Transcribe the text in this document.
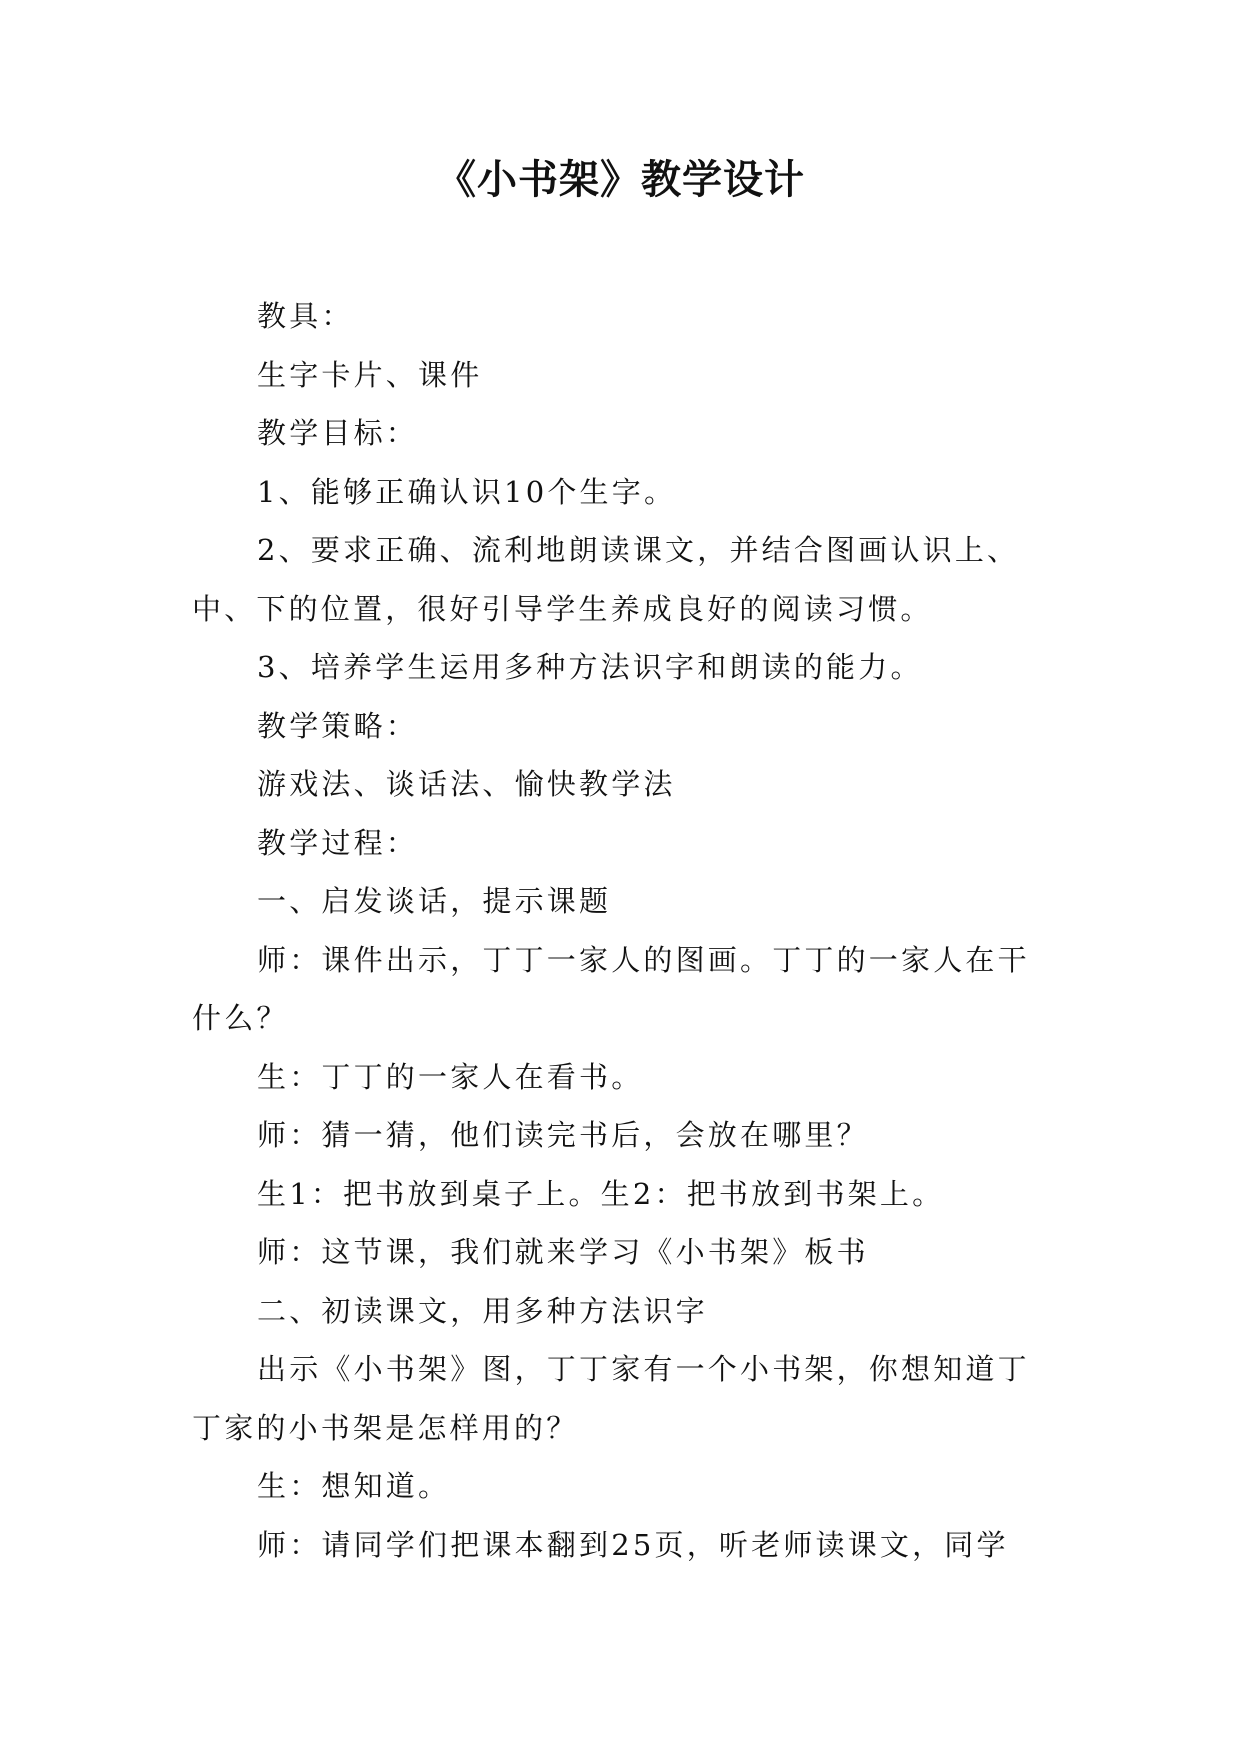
《小书架》教学设计

教具：

生字卡片、课件

教学目标：

1、能够正确认识10个生字。

2、要求正确、流利地朗读课文，并结合图画认识上、中、下的位置，很好引导学生养成良好的阅读习惯。

3、培养学生运用多种方法识字和朗读的能力。

教学策略：

游戏法、谈话法、愉快教学法

教学过程：

一、启发谈话，提示课题

师：课件出示，丁丁一家人的图画。丁丁的一家人在干什么？

生：丁丁的一家人在看书。

师：猜一猜，他们读完书后，会放在哪里？

生1：把书放到桌子上。生2：把书放到书架上。

师：这节课，我们就来学习《小书架》板书

二、初读课文，用多种方法识字

出示《小书架》图，丁丁家有一个小书架，你想知道丁丁家的小书架是怎样用的？

生：想知道。

师：请同学们把课本翻到25页，听老师读课文，同学
